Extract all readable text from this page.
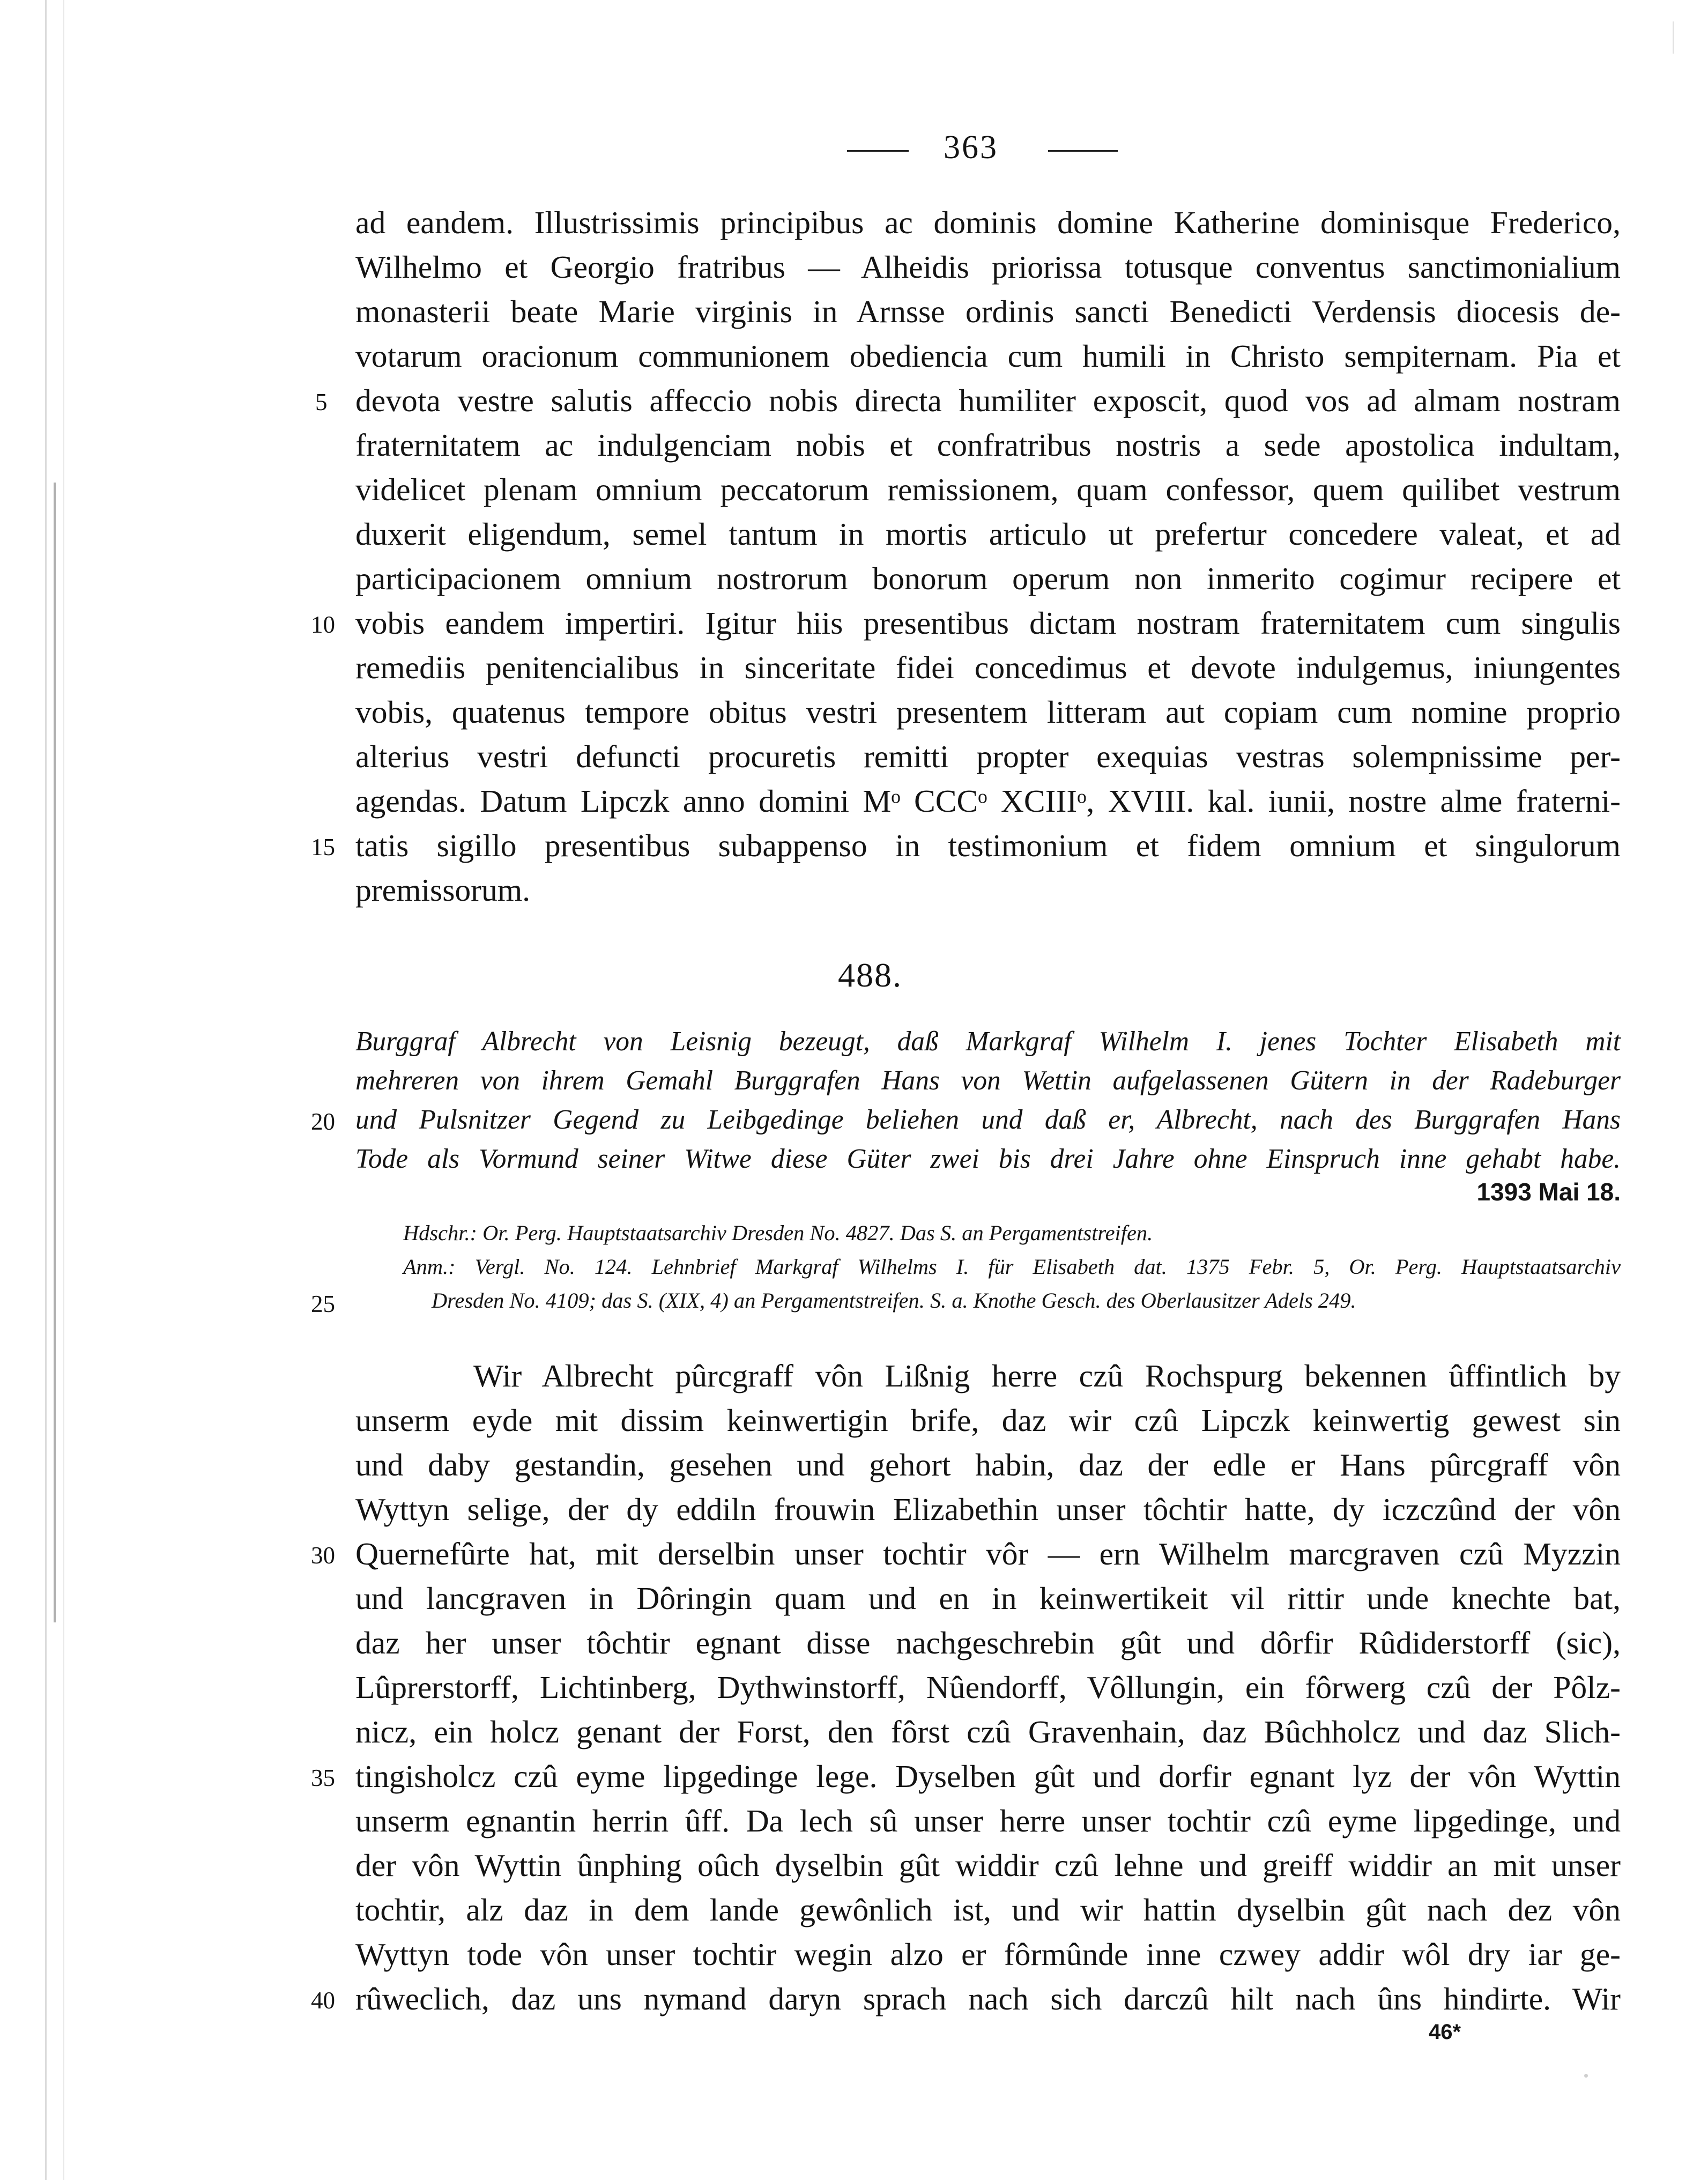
363
ad eandem. Illustrissimis principibus ac dominis domine Katherine dominisque Frederico,
Wilhelmo et Georgio fratribus — Alheidis priorissa totusque conventus sanctimonialium
monasterii beate Marie virginis in Arnsse ordinis sancti Benedicti Verdensis diocesis de-
votarum oracionum communionem obediencia cum humili in Christo sempiternam. Pia et
devota vestre salutis affeccio nobis directa humiliter exposcit, quod vos ad almam nostram
fraternitatem ac indulgenciam nobis et confratribus nostris a sede apostolica indultam,
videlicet plenam omnium peccatorum remissionem, quam confessor, quem quilibet vestrum
duxerit eligendum, semel tantum in mortis articulo ut prefertur concedere valeat, et ad
participacionem omnium nostrorum bonorum operum non inmerito cogimur recipere et
vobis eandem impertiri. Igitur hiis presentibus dictam nostram fraternitatem cum singulis
remediis penitencialibus in sinceritate fidei concedimus et devote indulgemus, iniungentes
vobis, quatenus tempore obitus vestri presentem litteram aut copiam cum nomine proprio
alterius vestri defuncti procuretis remitti propter exequias vestras solempnissime per-
agendas. Datum Lipczk anno domini Mᵒ CCCᵒ XCIIIᵒ, XVIII. kal. iunii, nostre alme fraterni-
tatis sigillo presentibus subappenso in testimonium et fidem omnium et singulorum
premissorum.
5
10
15
488.
Burggraf Albrecht von Leisnig bezeugt, daß Markgraf Wilhelm I. jenes Tochter Elisabeth mit
mehreren von ihrem Gemahl Burggrafen Hans von Wettin aufgelassenen Gütern in der Radeburger
und Pulsnitzer Gegend zu Leibgedinge beliehen und daß er, Albrecht, nach des Burggrafen Hans
Tode als Vormund seiner Witwe diese Güter zwei bis drei Jahre ohne Einspruch inne gehabt habe.
20
1393 Mai 18.
Hdschr.: Or. Perg. Hauptstaatsarchiv Dresden No. 4827. Das S. an Pergamentstreifen.
Anm.: Vergl. No. 124. Lehnbrief Markgraf Wilhelms I. für Elisabeth dat. 1375 Febr. 5, Or. Perg. Hauptstaatsarchiv
Dresden No. 4109; das S. (XIX, 4) an Pergamentstreifen. S. a. Knothe Gesch. des Oberlausitzer Adels 249.
25
Wir Albrecht pûrcgraff vôn Lißnig herre czû Rochspurg bekennen ûffintlich by
unserm eyde mit dissim keinwertigin brife, daz wir czû Lipczk keinwertig gewest sin
und daby gestandin, gesehen und gehort habin, daz der edle er Hans pûrcgraff vôn
Wyttyn selige, der dy eddiln frouwin Elizabethin unser tôchtir hatte, dy iczczûnd der vôn
Quernefûrte hat, mit derselbin unser tochtir vôr — ern Wilhelm marcgraven czû Myzzin
und lancgraven in Dôringin quam und en in keinwertikeit vil rittir unde knechte bat,
daz her unser tôchtir egnant disse nachgeschrebin gût und dôrfir Rûdiderstorff (sic),
Lûprerstorff, Lichtinberg, Dythwinstorff, Nûendorff, Vôllungin, ein fôrwerg czû der Pôlz-
nicz, ein holcz genant der Forst, den fôrst czû Gravenhain, daz Bûchholcz und daz Slich-
tingisholcz czû eyme lipgedinge lege. Dyselben gût und dorfir egnant lyz der vôn Wyttin
unserm egnantin herrin ûff. Da lech sû unser herre unser tochtir czû eyme lipgedinge, und
der vôn Wyttin ûnphing oûch dyselbin gût widdir czû lehne und greiff widdir an mit unser
tochtir, alz daz in dem lande gewônlich ist, und wir hattin dyselbin gût nach dez vôn
Wyttyn tode vôn unser tochtir wegin alzo er fôrmûnde inne czwey addir wôl dry iar ge-
rûweclich, daz uns nymand daryn sprach nach sich darczû hilt nach ûns hindirte. Wir
30
35
40
46*
